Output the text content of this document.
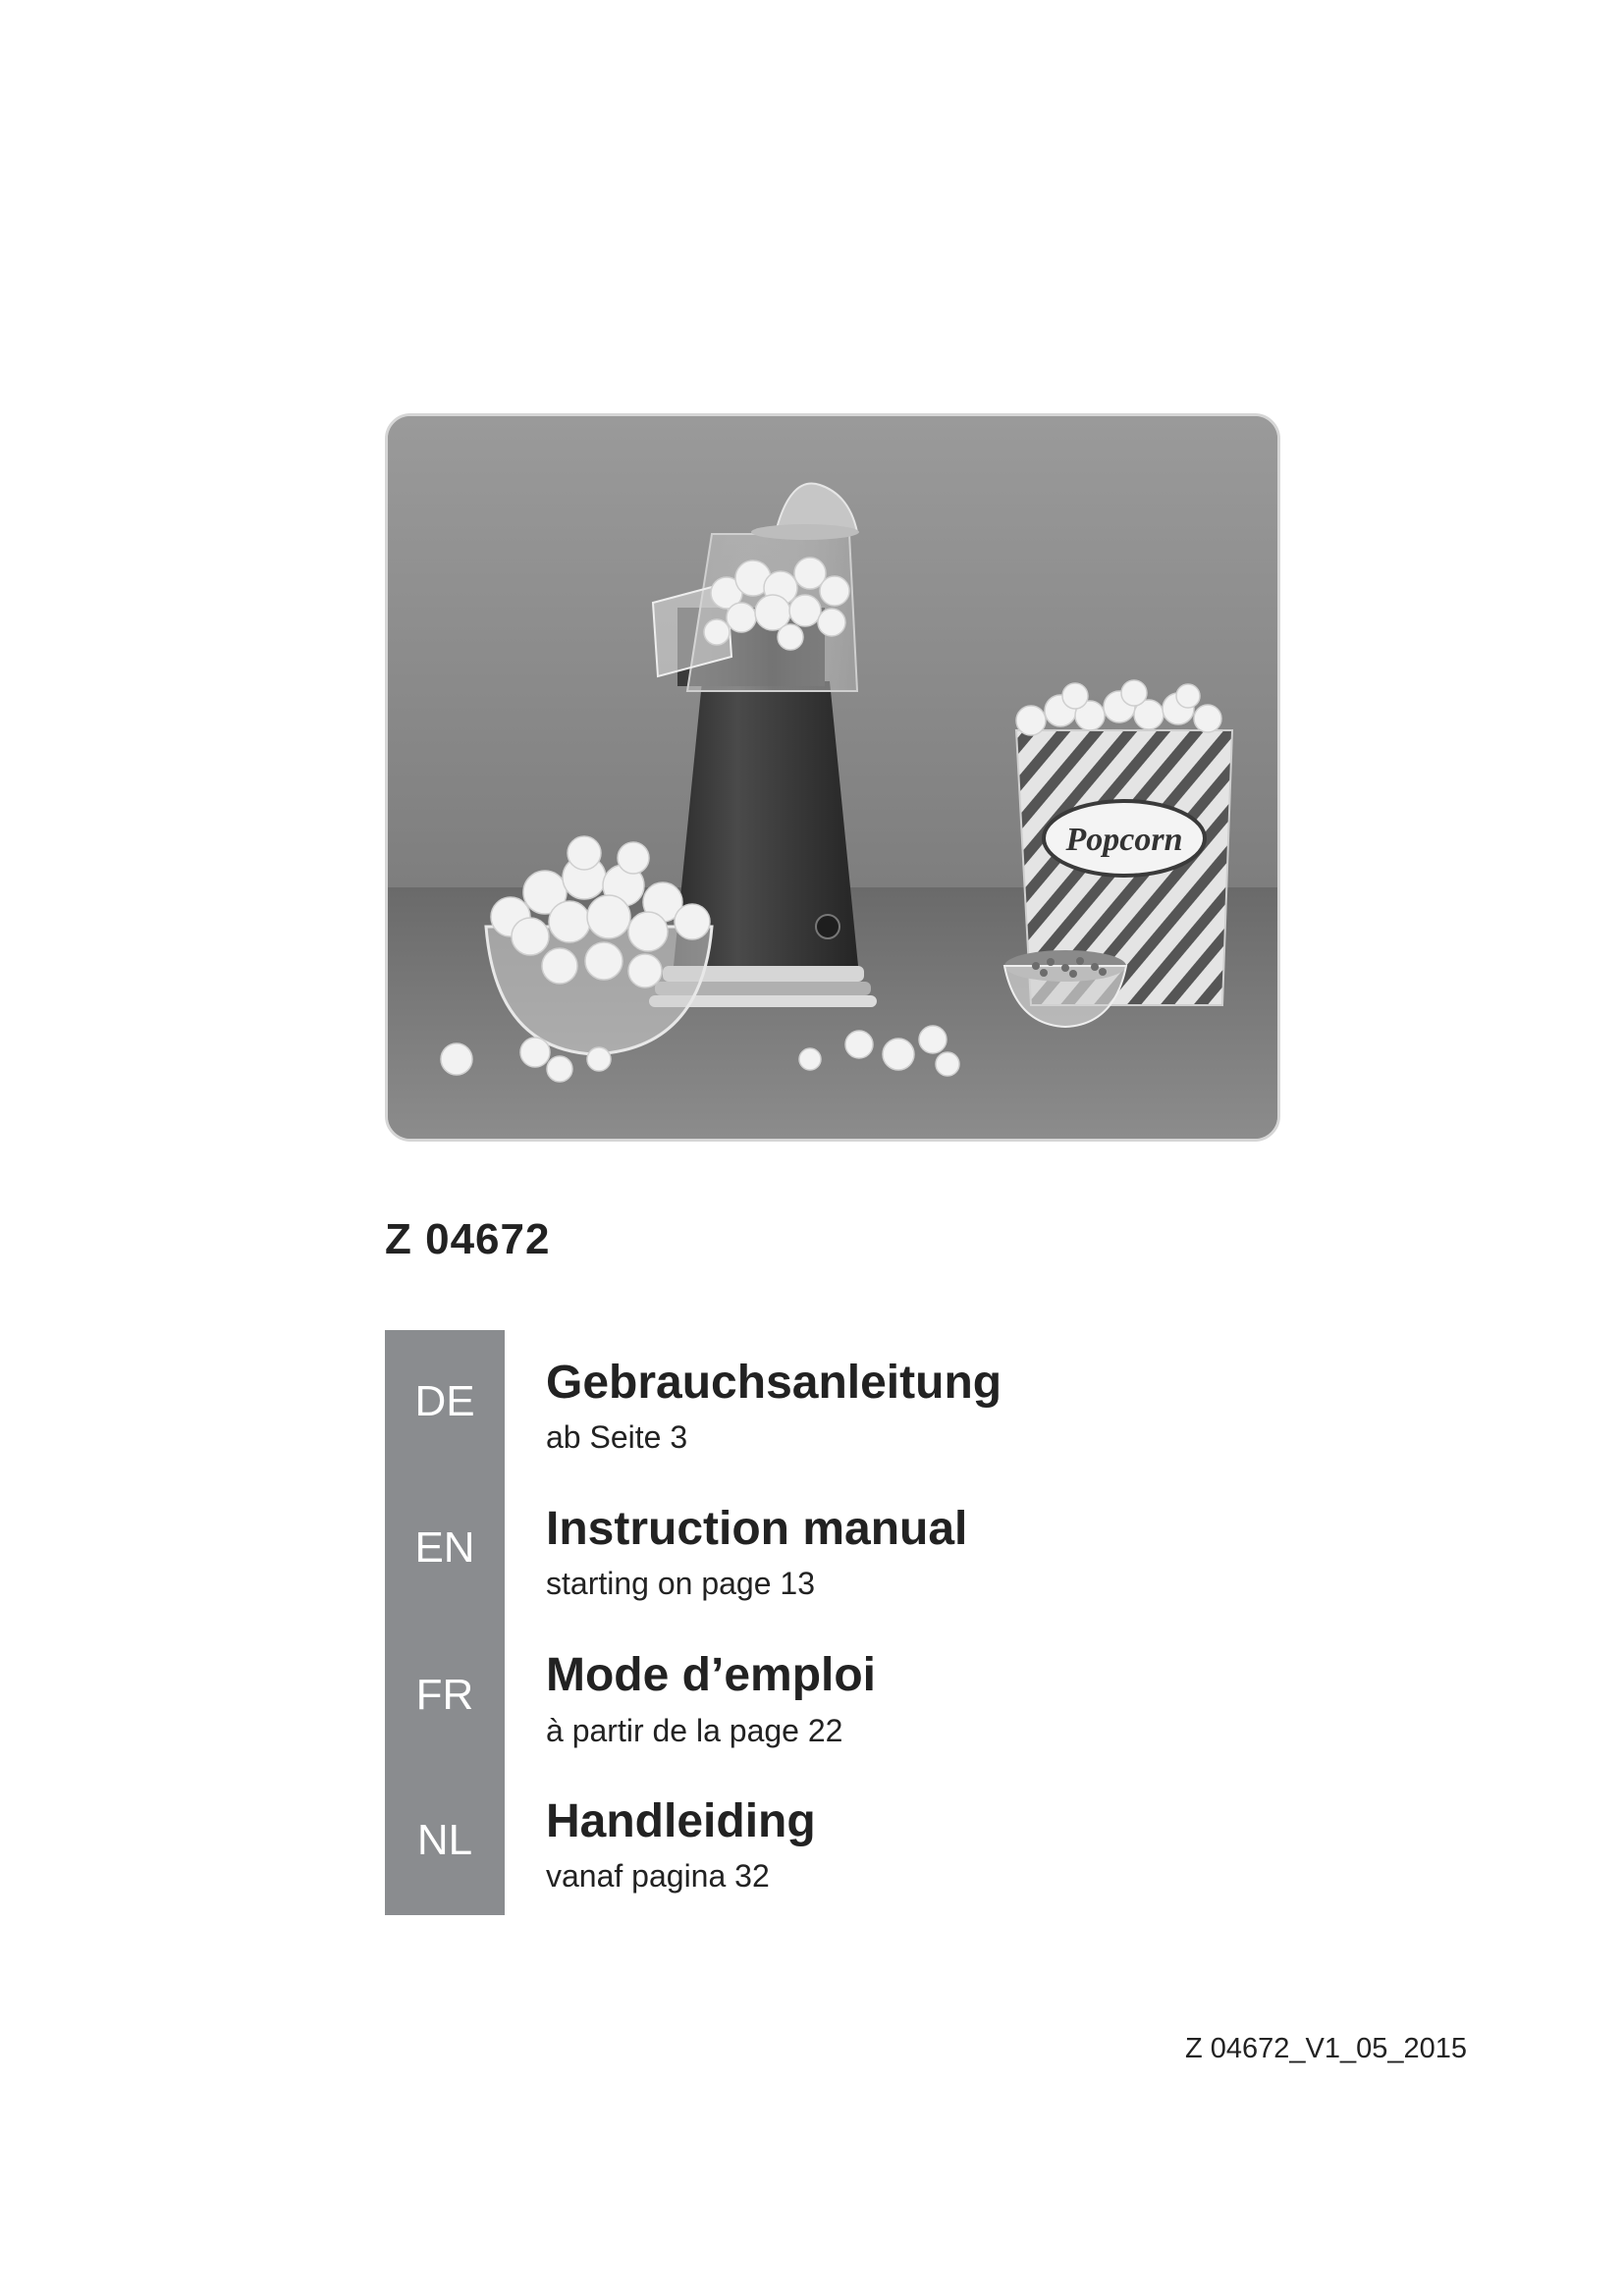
Popcorn
Z 04672
DE
EN
FR
NL
Gebrauchsanleitung
ab Seite 3
Instruction manual
starting on page 13
Mode d’emploi
à partir de la page 22
Handleiding
vanaf pagina 32
Z 04672_V1_05_2015
